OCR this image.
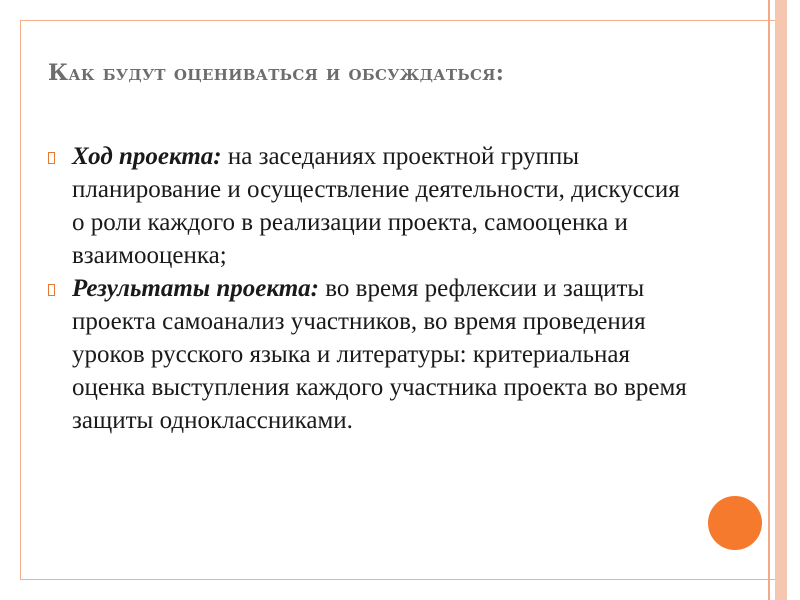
Как будут оцениваться и обсуждаться:

Ход проекта: на заседаниях проектной группы планирование и осуществление деятельности, дискуссия о роли каждого в реализации проекта, самооценка и взаимооценка;

Результаты проекта: во время рефлексии и защиты проекта самоанализ участников, во время проведения уроков русского языка и литературы: критериальная оценка выступления каждого участника проекта во время защиты одноклассниками.
